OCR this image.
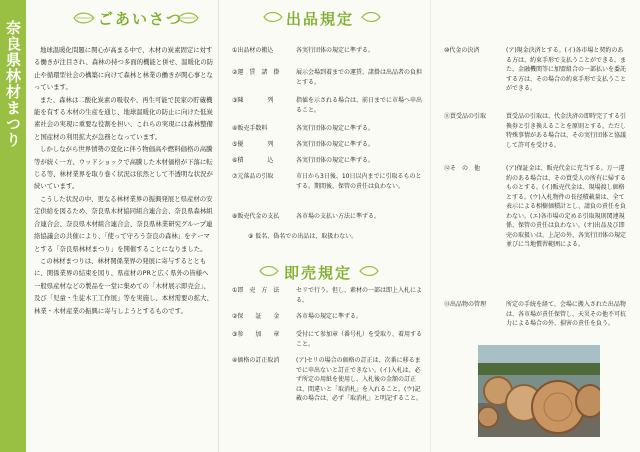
奈良県林材まつり
ごあいさつ

地球温暖化問題に関心が高まる中で、木材の炭素固定に対する働きが注目され、森林の持つ多面的機能と併せ、温暖化の防止や循環型社会の構築に向けて森林と林業の働きが関心事となっています。

また、森林は二酸化炭素の吸収や、再生可能で民家の貯蔵機能を有する木材の生産を通じ、地球温暖化の防止に向けた低炭素社会の実現に重要な役割を担い、これらの実現には森林整備と国産材の利用拡大が急務となっています。

しかしながら世界情勢の変化に伴う物価高や燃料価格の高騰等が続く一方、ウッドショックで高騰した木材価格が下落に転じる等、林材業界を取り巻く状況は依然として不透明な状況が続いています。

こうした状況の中、更なる林材業界の振興発展と県産材の安定供給を図るため、奈良県木材協同組合連合会、奈良県森林組合連合会、奈良県木材組合連合会、奈良県林業研究グループ連絡協議会の共催により、「使って守ろう奈良の森林」をテーマとする「奈良県林材まつり」を開催することになりました。

この林材まつりは、林材関係業界の発展に寄与するとともに、関係業界の結束を図り、県産材のPRと広く県外の皆様へ一般県産材などの製品を一堂に集めての「木材展示即売会」、及び「児童・生徒木工工作展」等を実施し、本材需要の拡大、林業・木材産業の振興に寄与しようとするものです。

出品規定
①出品材の搬込	各実行団体の規定に準ずる。
②運　賃　諸　掛	展示会場到着までの運賃、諸掛は出品者の負担とする。
③陳　　　　列	指値を示される場合は、前日までに市場へ申出ること。
④販売手数料	各実行団体の規定に準ずる。
⑤優　　　　列	各実行団体の規定に準ずる。
⑥積　　　　込	各実行団体の規定に準ずる。
⑦元落品の引取	市日から3日後、10日以内までに引取るものとする。期間後、保管の責任は負わない。
⑧販売代金の支払	各市場の支払い方法に準ずる。
⑨ 仮名、偽名での出品は、取扱わない。
即売規定
①即　売　方　法	セリで行う。但し、素材の一部は即上入札による。
②保　　証　　金	各市場の規定に準ずる。
③参　　加　　章	受付にて参加章（番号札）を受取り、着用すること。
④価格の訂正取消	(ア)セリの場合の価格の訂正は、次番に移るまでに申出ないと訂正できない。(イ)入札は、必ず所定の用紙を使用し、入札後の金額の訂正は、間違いと「取消札」を入れること。(ウ)記載の場合は、必ず「取消札」と明記すること。
⑩代金の決済	(ア)現金決済とする。(イ)各市場と契約のある方は、約束手形で支払うことができる。また、金融機関等に加盟組合の一部払いを委託する方は、その場合の約束手形で支払うことができる。
⑪買受品の引取	買受品の引取は、代金決済の即時完了する引換券と引き換えることを原則とする。ただし特殊事情がある場合は、その実行団体と協議して許可を受ける。
⑫そ　の　他	(ア)保証金は、販売代金に充当する。万一違約のある場合は、その買受人の所有に帰するものとする。(イ)販売代金は、現場渡し価格とする。(ウ)入札物件の長径積載量は、全て表示による相樹価積計とし、請負の責任を負わない。(エ)各市場の定める引取規則関連規係、保管の責任は負わない。(オ)出品及び即売の取扱いは、上記の外、各実行団体の規定並びに当地慣習範囲による。
⑬出品物の管理	所定の手続を経て、会場に搬入された出品物は、各市場が責任保管し、天災その他不可抗力による場合の外、損害の責任を負う。
